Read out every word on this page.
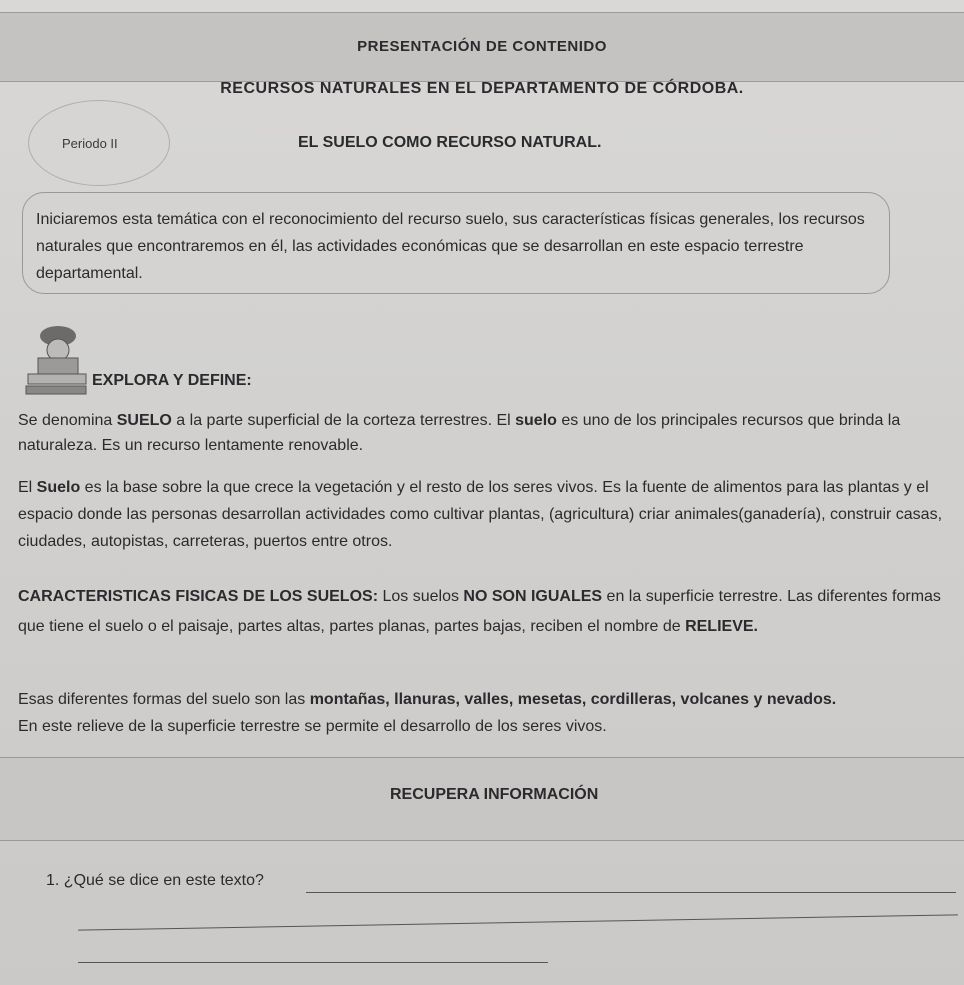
PRESENTACIÓN DE CONTENIDO
RECURSOS NATURALES EN EL DEPARTAMENTO DE CÓRDOBA.
Periodo II	EL SUELO COMO RECURSO NATURAL.
Iniciaremos esta temática con el reconocimiento del recurso suelo, sus características físicas generales, los recursos naturales que encontraremos en él, las actividades económicas que se desarrollan en este espacio terrestre departamental.
EXPLORA Y DEFINE:
Se denomina SUELO a la parte superficial de la corteza terrestres. El suelo es uno de los principales recursos que brinda la naturaleza. Es un recurso lentamente renovable.
El Suelo es la base sobre la que crece la vegetación y el resto de los seres vivos. Es la fuente de alimentos para las plantas y el espacio donde las personas desarrollan actividades como cultivar plantas, (agricultura) criar animales(ganadería), construir casas, ciudades, autopistas, carreteras, puertos entre otros.
CARACTERISTICAS FISICAS DE LOS SUELOS: Los suelos NO SON IGUALES en la superficie terrestre. Las diferentes formas que tiene el suelo o el paisaje, partes altas, partes planas, partes bajas, reciben el nombre de RELIEVE.
Esas diferentes formas del suelo son las montañas, llanuras, valles, mesetas, cordilleras, volcanes y nevados.
En este relieve de la superficie terrestre se permite el desarrollo de los seres vivos.
RECUPERA INFORMACIÓN
1. ¿Qué se dice en este texto?
